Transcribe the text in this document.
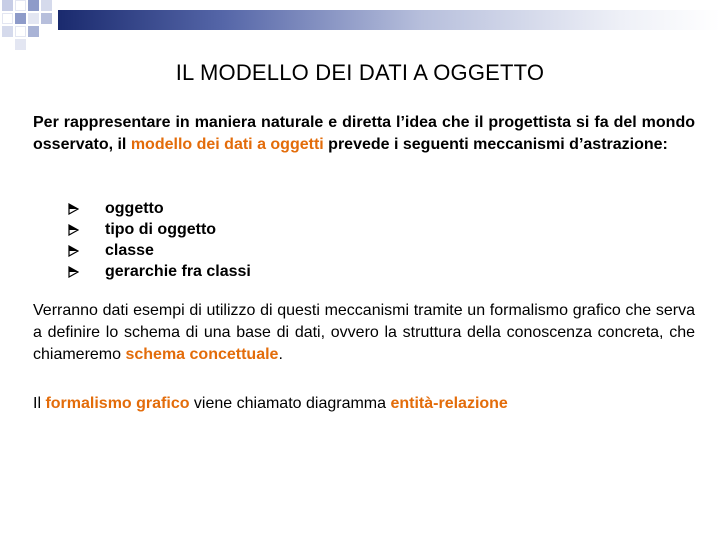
IL MODELLO DEI DATI A OGGETTO

Per rappresentare in maniera naturale e diretta l’idea che il progettista si fa del mondo osservato, il modello dei dati a oggetti prevede i seguenti meccanismi d’astrazione:

oggetto
tipo di oggetto
classe
gerarchie fra classi

Verranno dati esempi di utilizzo di questi meccanismi tramite un formalismo grafico che serva a definire lo schema di una base di dati, ovvero la struttura della conoscenza concreta, che chiameremo schema concettuale.

Il formalismo grafico viene chiamato diagramma entità-relazione
